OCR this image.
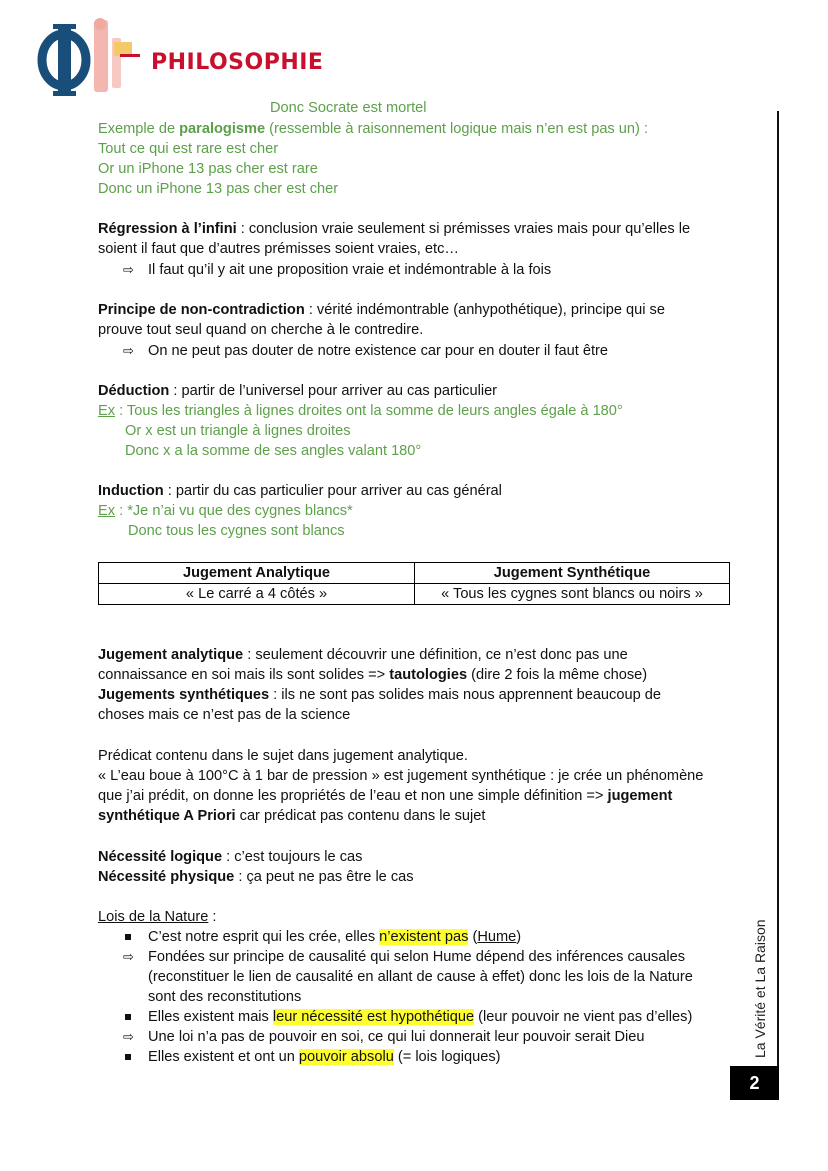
PHILOSOPHIE
La Vérité et La Raison
2
Donc Socrate est mortel
Exemple de paralogisme (ressemble à raisonnement logique mais n’en est pas un) :
Tout ce qui est rare est cher
Or un iPhone 13 pas cher est rare
Donc un iPhone 13 pas cher est cher
Régression à l’infini : conclusion vraie seulement si prémisses vraies mais pour qu’elles le
soient il faut que d’autres prémisses soient vraies, etc…
⇨ Il faut qu’il y ait une proposition vraie et indémontrable à la fois
Principe de non-contradiction : vérité indémontrable (anhypothétique), principe qui se
prouve tout seul quand on cherche à le contredire.
⇨ On ne peut pas douter de notre existence car pour en douter il faut être
Déduction : partir de l’universel pour arriver au cas particulier
Ex : Tous les triangles à lignes droites ont la somme de leurs angles égale à 180°
Or x est un triangle à lignes droites
Donc x a la somme de ses angles valant 180°
Induction : partir du cas particulier pour arriver au cas général
Ex : *Je n’ai vu que des cygnes blancs*
Donc tous les cygnes sont blancs
Jugement Analytique	Jugement Synthétique
« Le carré a 4 côtés »	« Tous les cygnes sont blancs ou noirs »
Jugement analytique : seulement découvrir une définition, ce n’est donc pas une
connaissance en soi mais ils sont solides => tautologies (dire 2 fois la même chose)
Jugements synthétiques : ils ne sont pas solides mais nous apprennent beaucoup de
choses mais ce n’est pas de la science
Prédicat contenu dans le sujet dans jugement analytique.
« L’eau boue à 100°C à 1 bar de pression » est jugement synthétique : je crée un phénomène
que j’ai prédit, on donne les propriétés de l’eau et non une simple définition => jugement
synthétique A Priori car prédicat pas contenu dans le sujet
Nécessité logique : c’est toujours le cas
Nécessité physique : ça peut ne pas être le cas
Lois de la Nature :
C’est notre esprit qui les crée, elles n’existent pas (Hume)
⇨ Fondées sur principe de causalité qui selon Hume dépend des inférences causales
(reconstituer le lien de causalité en allant de cause à effet) donc les lois de la Nature
sont des reconstitutions
Elles existent mais leur nécessité est hypothétique (leur pouvoir ne vient pas d’elles)
⇨ Une loi n’a pas de pouvoir en soi, ce qui lui donnerait leur pouvoir serait Dieu
Elles existent et ont un pouvoir absolu (= lois logiques)
